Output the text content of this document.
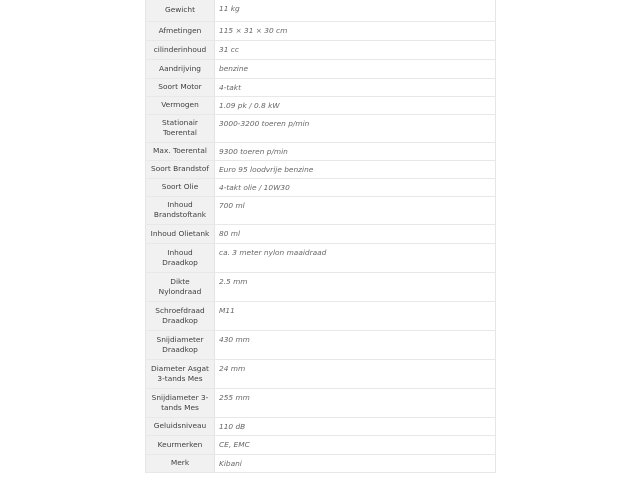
Gewicht	11 kg
Afmetingen	115 × 31 × 30 cm
cilinderinhoud	31 cc
Aandrijving	benzine
Soort Motor	4-takt
Vermogen	1.09 pk / 0.8 kW
Stationair Toerental	3000-3200 toeren p/min
Max. Toerental	9300 toeren p/min
Soort Brandstof	Euro 95 loodvrije benzine
Soort Olie	4-takt olie / 10W30
Inhoud Brandstoftank	700 ml
Inhoud Olietank	80 ml
Inhoud Draadkop	ca. 3 meter nylon maaidraad
Dikte Nylondraad	2.5 mm
Schroefdraad Draadkop	M11
Snijdiameter Draadkop	430 mm
Diameter Asgat 3-tands Mes	24 mm
Snijdiameter 3-tands Mes	255 mm
Geluidsniveau	110 dB
Keurmerken	CE, EMC
Merk	Kibani
